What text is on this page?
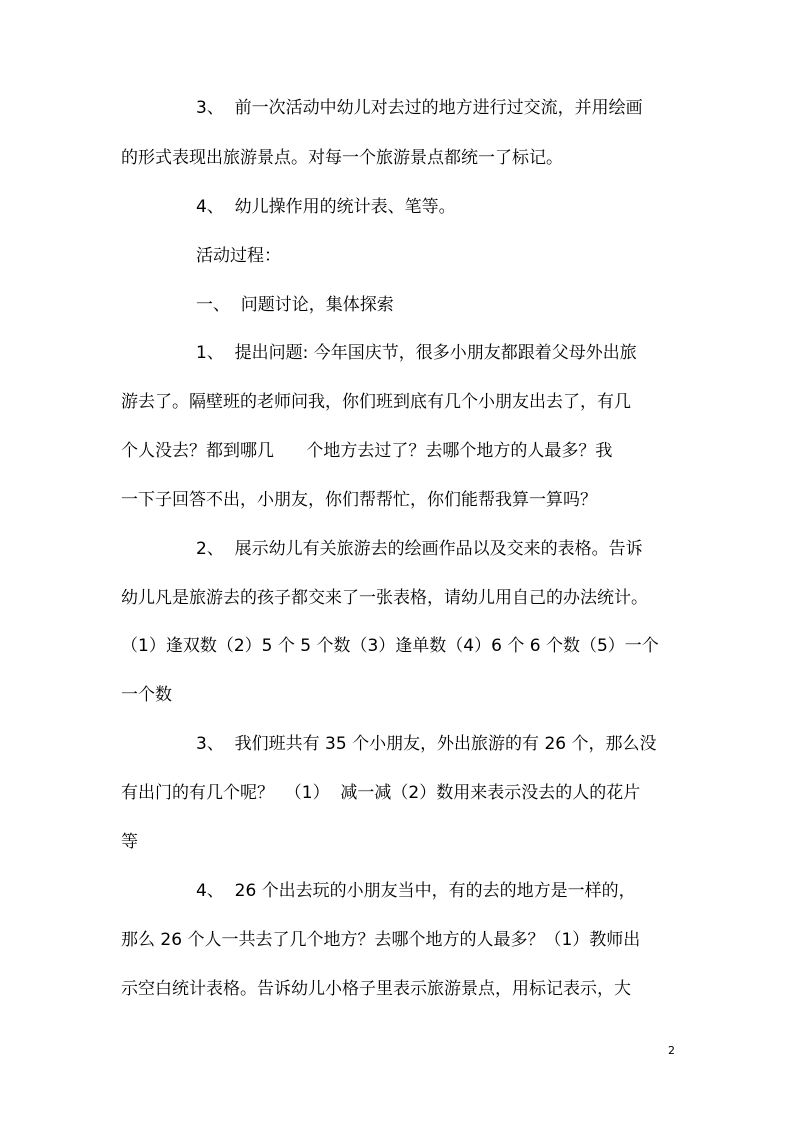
3、  前一次活动中幼儿对去过的地方进行过交流，并用绘画
的形式表现出旅游景点。对每一个旅游景点都统一了标记。
4、  幼儿操作用的统计表、笔等。
活动过程：
一、  问题讨论，集体探索
1、  提出问题: 今年国庆节，很多小朋友都跟着父母外出旅
游去了。隔壁班的老师问我，你们班到底有几个小朋友出去了，有几
个人没去？都到哪几      个地方去过了？去哪个地方的人最多？我
一下子回答不出，小朋友，你们帮帮忙，你们能帮我算一算吗？
2、  展示幼儿有关旅游去的绘画作品以及交来的表格。告诉
幼儿凡是旅游去的孩子都交来了一张表格，请幼儿用自己的办法统计。
（1）逢双数（2）5 个 5 个数（3）逢单数（4）6 个 6 个数（5）一个
一个数
3、  我们班共有 35 个小朋友，外出旅游的有 26 个，那么没
有出门的有几个呢？  （1）  减一减（2）数用来表示没去的人的花片
等
4、  26 个出去玩的小朋友当中，有的去的地方是一样的，
那么 26 个人一共去了几个地方？去哪个地方的人最多？（1）教师出
示空白统计表格。告诉幼儿小格子里表示旅游景点，用标记表示，大
2
